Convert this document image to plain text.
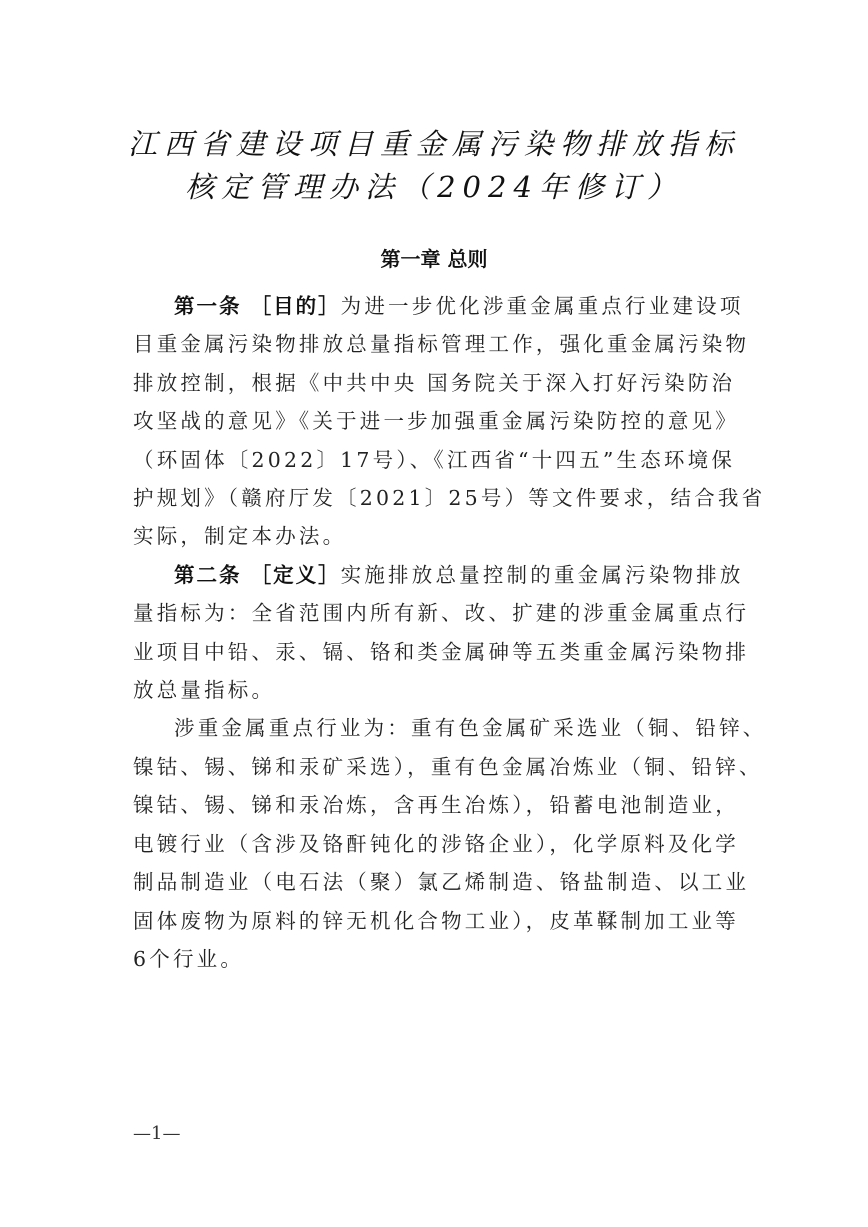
江西省建设项目重金属污染物排放指标
核定管理办法（2024年修订）
第一章 总则

第一条 ［目的］为进一步优化涉重金属重点行业建设项

目重金属污染物排放总量指标管理工作，强化重金属污染物
排放控制，根据《中共中央 国务院关于深入打好污染防治
攻坚战的意见》《关于进一步加强重金属污染防控的意见》
（环固体〔2022〕17号）、《江西省“十四五”生态环境保
护规划》（赣府厅发〔2021〕25号）等文件要求，结合我省
实际，制定本办法。

第二条 ［定义］实施排放总量控制的重金属污染物排放

量指标为：全省范围内所有新、改、扩建的涉重金属重点行
业项目中铅、汞、镉、铬和类金属砷等五类重金属污染物排
放总量指标。

涉重金属重点行业为：重有色金属矿采选业（铜、铅锌、

镍钴、锡、锑和汞矿采选），重有色金属冶炼业（铜、铅锌、
镍钴、锡、锑和汞冶炼，含再生冶炼），铅蓄电池制造业，
电镀行业（含涉及铬酐钝化的涉铬企业），化学原料及化学
制品制造业（电石法（聚）氯乙烯制造、铬盐制造、以工业
固体废物为原料的锌无机化合物工业），皮革鞣制加工业等
6个行业。

—1—
